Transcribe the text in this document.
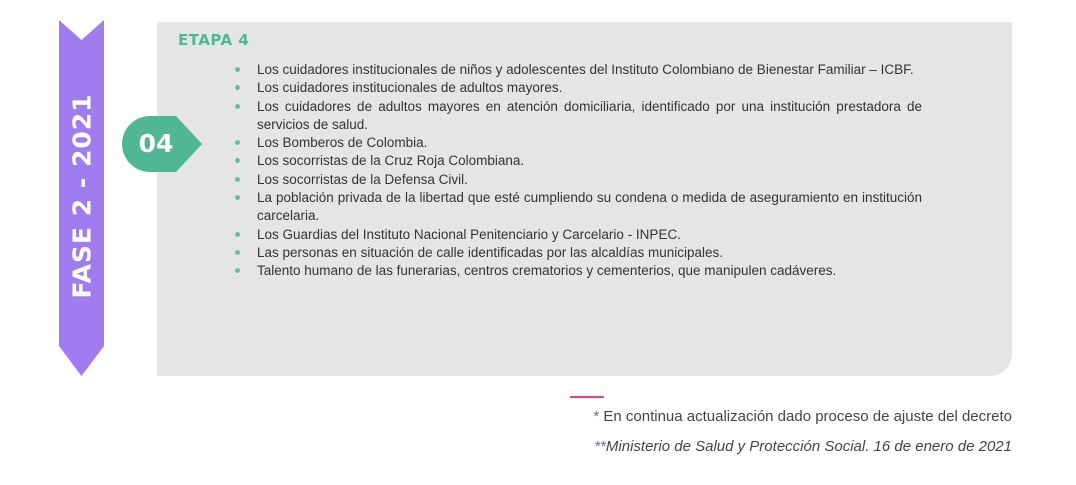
FASE 2 - 2021
ETAPA 4
04
Los cuidadores institucionales de niños y adolescentes del Instituto Colombiano de Bienestar Familiar – ICBF.
Los cuidadores institucionales de adultos mayores.
Los cuidadores de adultos mayores en atención domiciliaria, identificado por una institución prestadora de servicios de salud.
Los Bomberos de Colombia.
Los socorristas de la Cruz Roja Colombiana.
Los socorristas de la Defensa Civil.
La población privada de la libertad que esté cumpliendo su condena o medida de aseguramiento en institución carcelaria.
Los Guardias del Instituto Nacional Penitenciario y Carcelario - INPEC.
Las personas en situación de calle identificadas por las alcaldías municipales.
Talento humano de las funerarias, centros crematorios y cementerios, que manipulen cadáveres.
* En continua actualización dado proceso de ajuste del decreto
**Ministerio de Salud y Protección Social. 16 de enero de 2021
